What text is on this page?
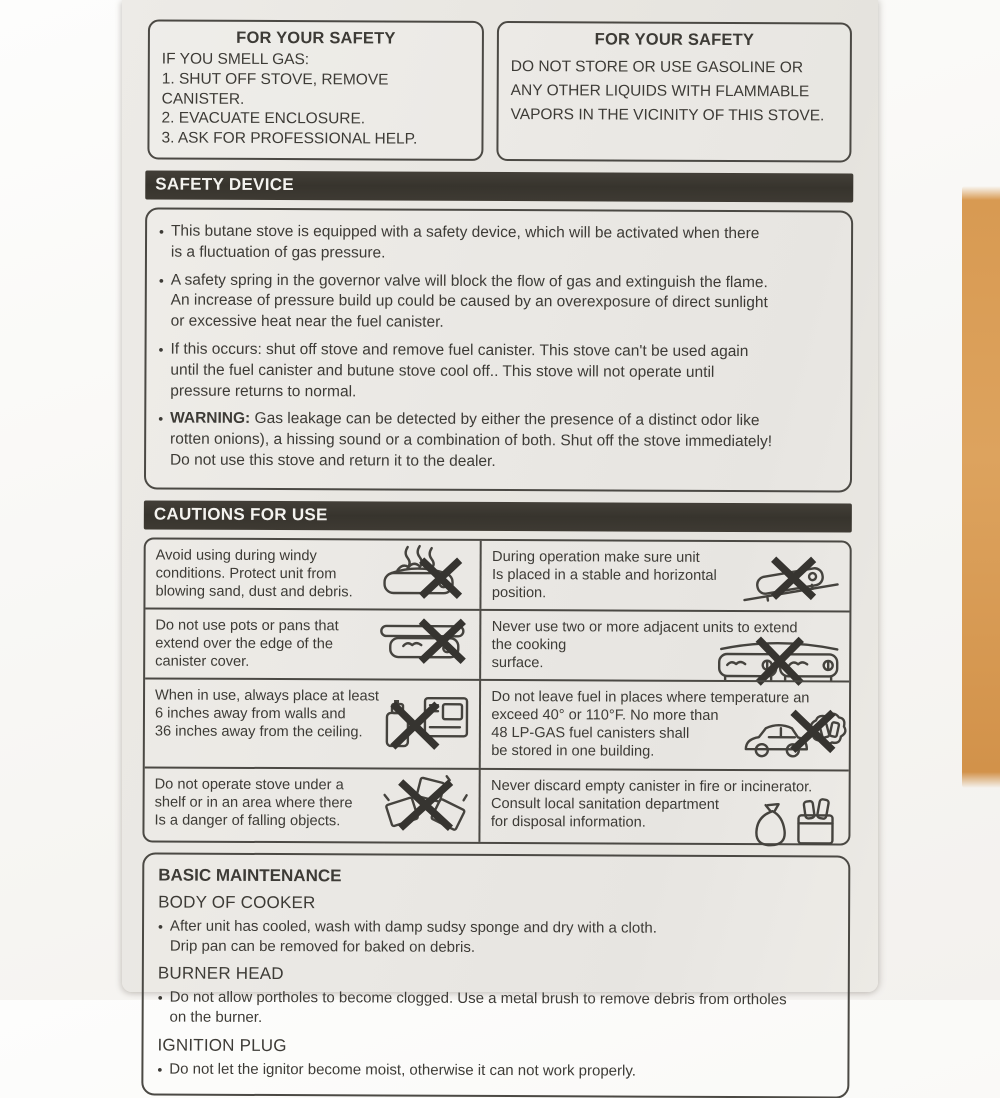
FOR YOUR SAFETY
IF YOU SMELL GAS:
1. SHUT OFF STOVE, REMOVE CANISTER.
2. EVACUATE ENCLOSURE.
3. ASK FOR PROFESSIONAL HELP.
FOR YOUR SAFETY
DO NOT STORE OR USE GASOLINE OR
ANY OTHER LIQUIDS WITH FLAMMABLE
VAPORS IN THE VICINITY OF THIS STOVE.
SAFETY DEVICE
• This butane stove is equipped with a safety device, which will be activated when there
is a fluctuation of gas pressure.
• A safety spring in the governor valve will block the flow of gas and extinguish the flame.
An increase of pressure build up could be caused by an overexposure of direct sunlight
or excessive heat near the fuel canister.
• If this occurs: shut off stove and remove fuel canister. This stove can't be used again
until the fuel canister and butune stove cool off.. This stove will not operate until
pressure returns to normal.
• WARNING: Gas leakage can be detected by either the presence of a distinct odor like
rotten onions), a hissing sound or a combination of both. Shut off the stove immediately!
Do not use this stove and return it to the dealer.
CAUTIONS FOR USE
Avoid using during windy
conditions. Protect unit from
blowing sand, dust and debris.
During operation make sure unit
Is placed in a stable and horizontal
position.
Do not use pots or pans that
extend over the edge of the
canister cover.
Never use two or more adjacent units to extend
the cooking
surface.
When in use, always place at least
6 inches away from walls and
36 inches away from the ceiling.
Do not leave fuel in places where temperature an
exceed 40° or 110°F. No more than
48 LP-GAS fuel canisters shall
be stored in one building.
Do not operate stove under a
shelf or in an area where there
Is a danger of falling objects.
Never discard empty canister in fire or incinerator.
Consult local sanitation department
for disposal information.
BASIC MAINTENANCE
BODY OF COOKER
• After unit has cooled, wash with damp sudsy sponge and dry with a cloth.
Drip pan can be removed for baked on debris.
BURNER HEAD
• Do not allow portholes to become clogged. Use a metal brush to remove debris from ortholes
on the burner.
IGNITION PLUG
• Do not let the ignitor become moist, otherwise it can not work properly.
